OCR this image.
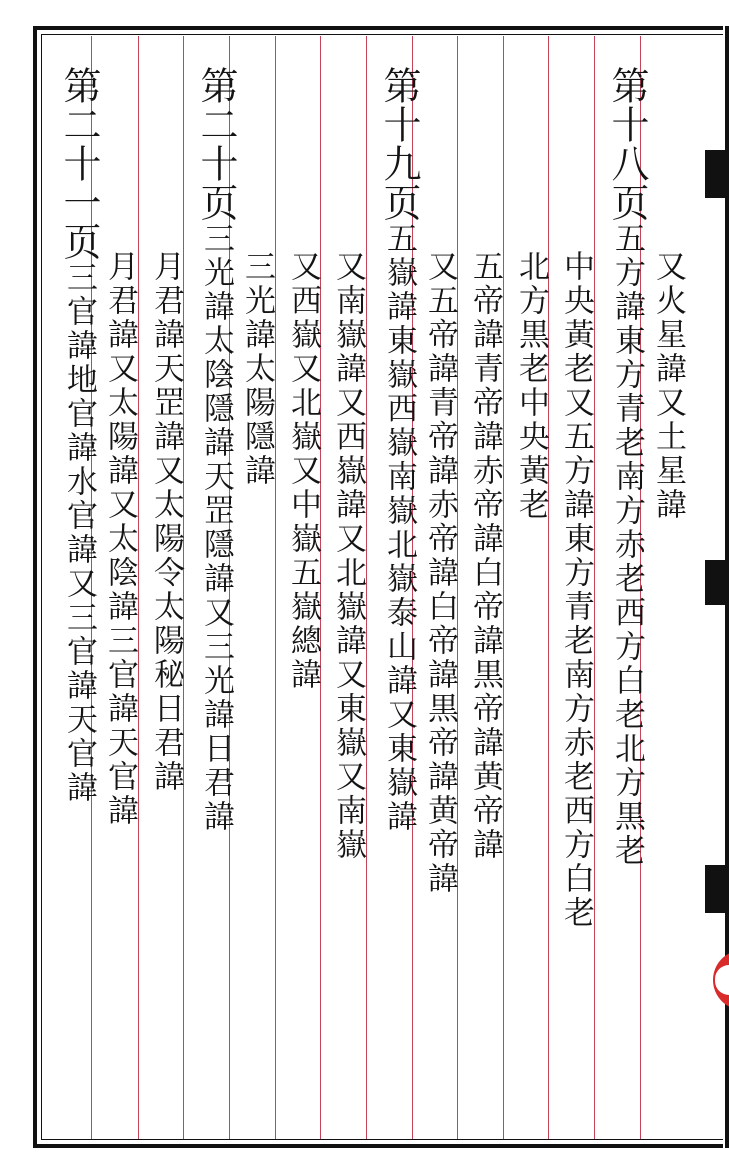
又火星諱又土星諱
第十八页五方諱東方青老南方赤老西方白老北方黒老
中央黃老又五方諱東方青老南方赤老西方白老
北方黒老中央黃老
五帝諱青帝諱赤帝諱白帝諱黒帝諱黄帝諱
又五帝諱青帝諱赤帝諱白帝諱黒帝諱黄帝諱
第十九页五嶽諱東嶽西嶽南嶽北嶽泰山諱又東嶽諱
又南嶽諱又西嶽諱又北嶽諱又東嶽又南嶽
又西嶽又北嶽又中嶽五嶽總諱
三光諱太陽隱諱
第二十页三光諱太陰隱諱天罡隱諱又三光諱日君諱
月君諱天罡諱又太陽令太陽秘日君諱
月君諱又太陽諱又太陰諱三官諱天官諱
第二十一页三官諱地官諱水官諱又三官諱天官諱
